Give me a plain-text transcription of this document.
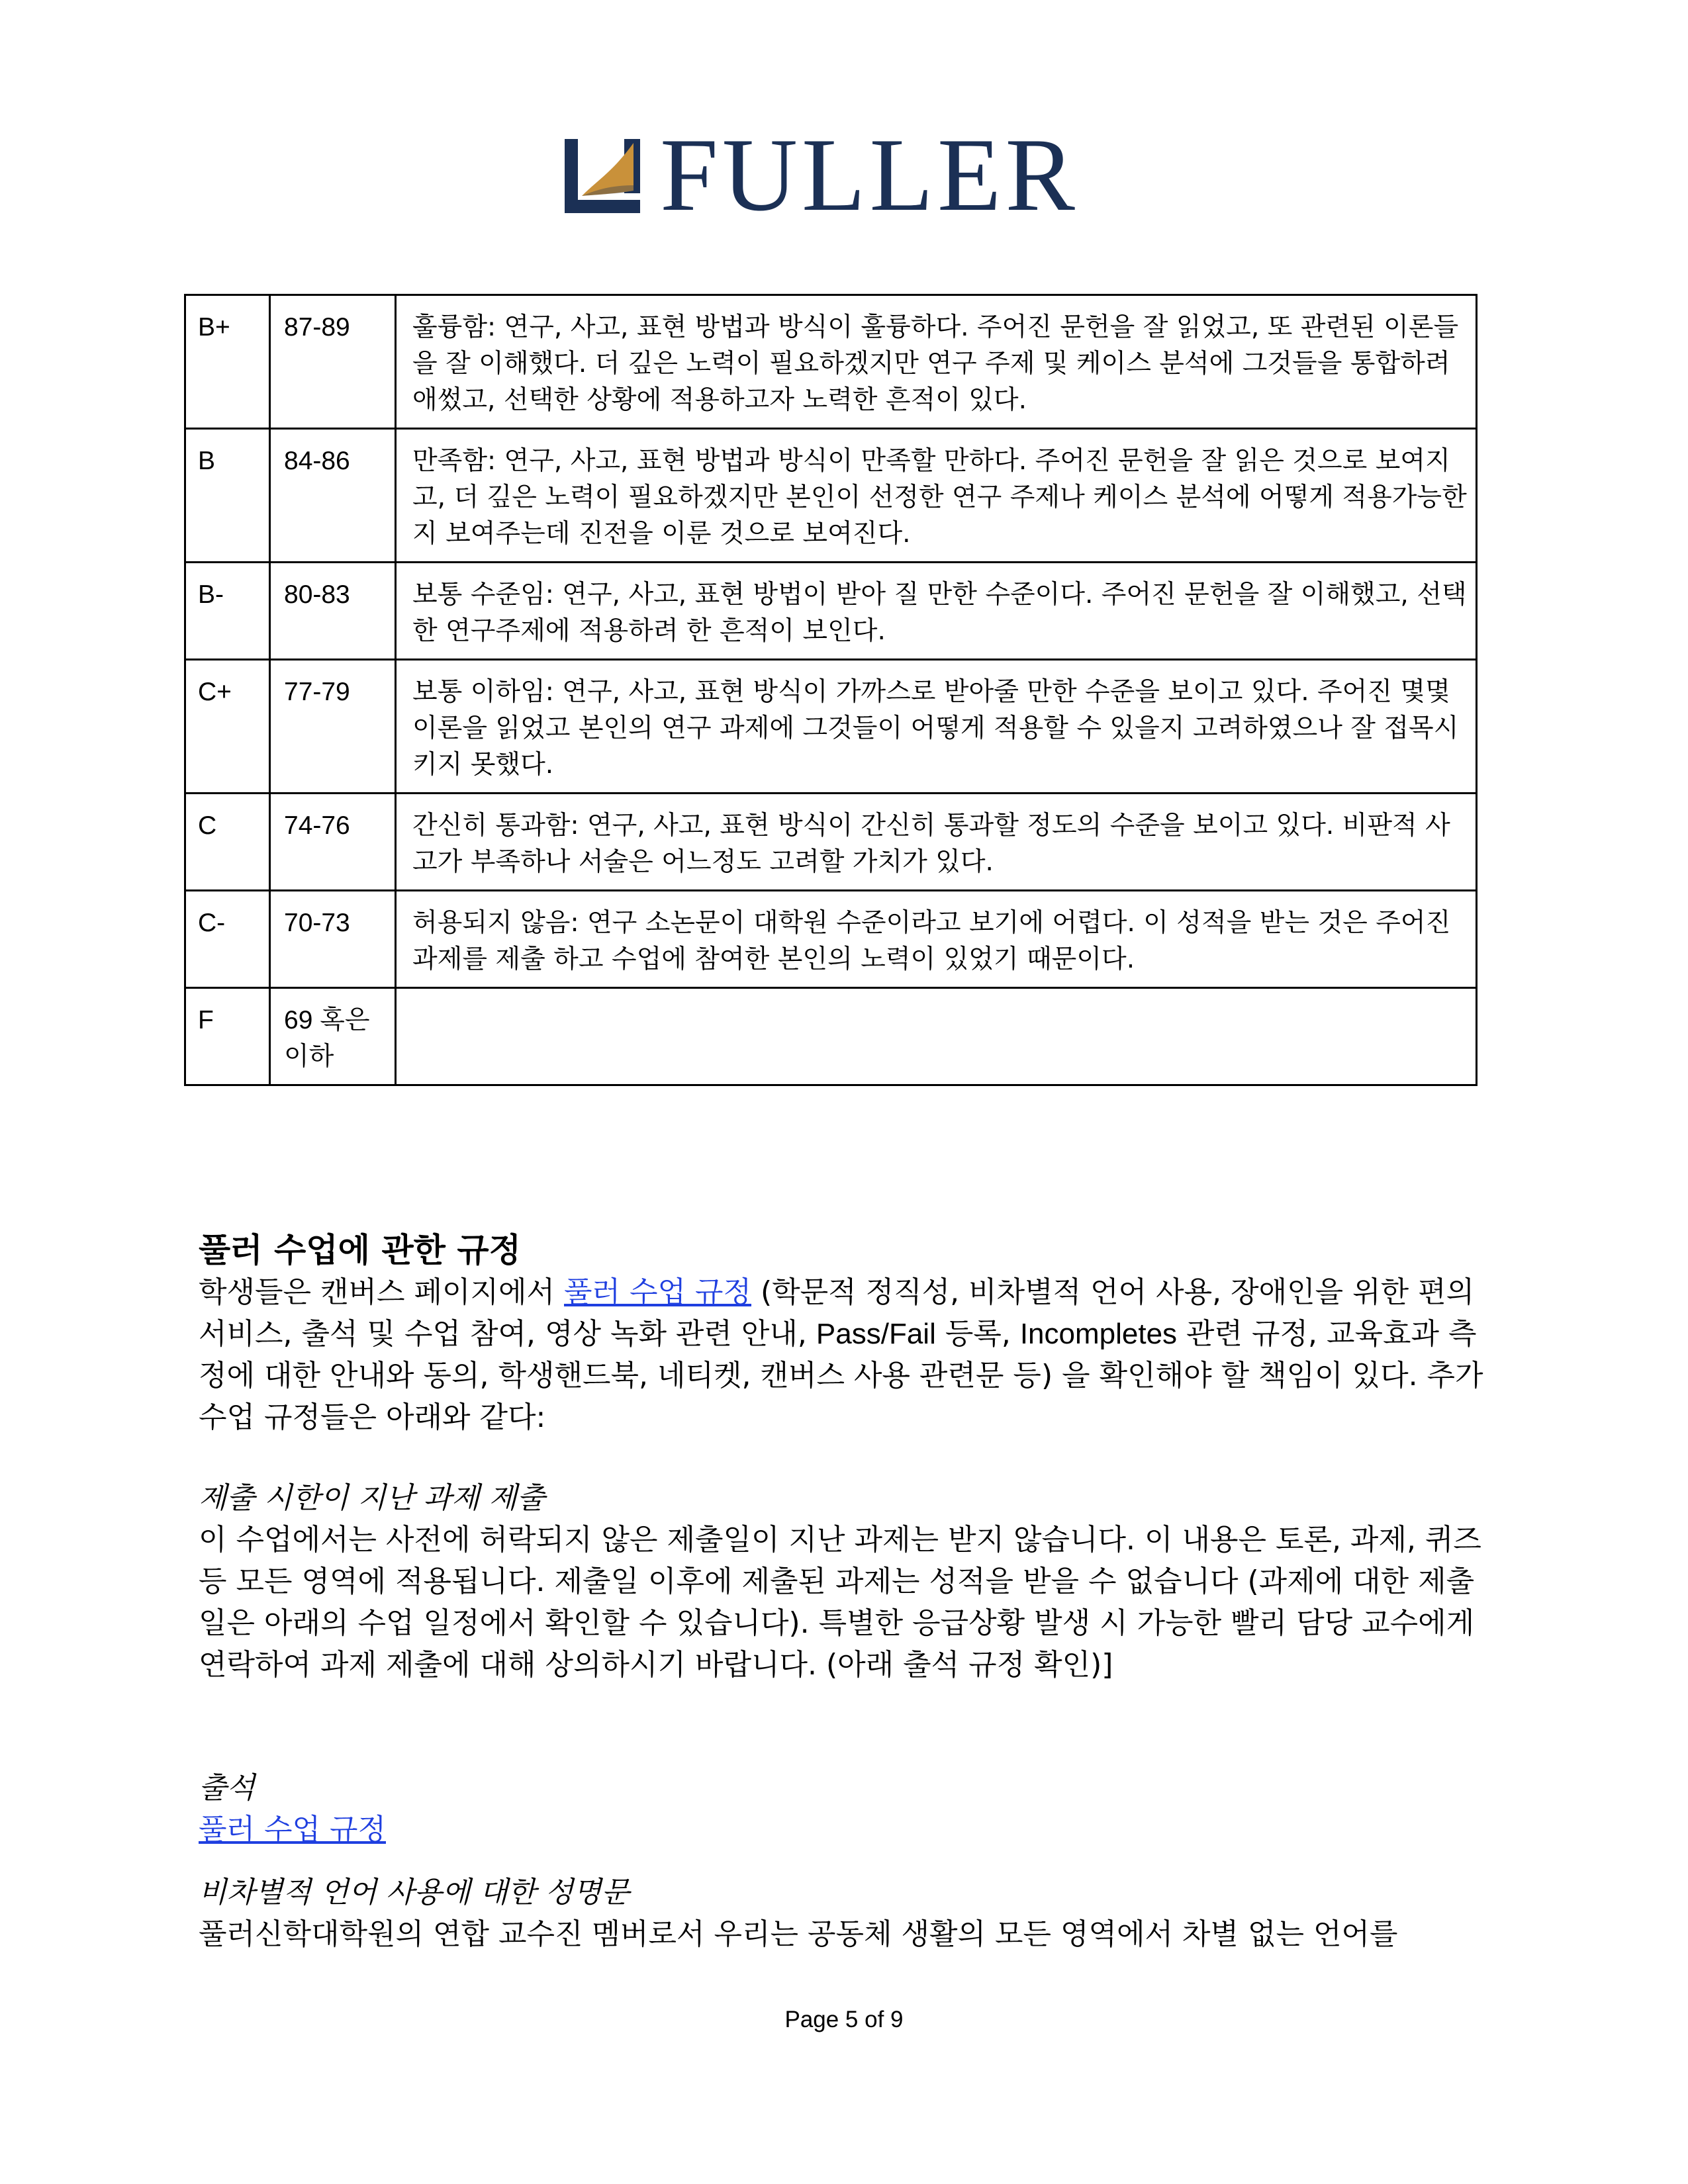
FULLER
B+	87-89	훌륭함: 연구, 사고, 표현 방법과 방식이 훌륭하다. 주어진 문헌을 잘 읽었고, 또 관련된 이론들을 잘 이해했다. 더 깊은 노력이 필요하겠지만 연구 주제 및 케이스 분석에 그것들을 통합하려 애썼고, 선택한 상황에 적용하고자 노력한 흔적이 있다.
B	84-86	만족함: 연구, 사고, 표현 방법과 방식이 만족할 만하다. 주어진 문헌을 잘 읽은 것으로 보여지고, 더 깊은 노력이 필요하겠지만 본인이 선정한 연구 주제나 케이스 분석에 어떻게 적용가능한지 보여주는데 진전을 이룬 것으로 보여진다.
B-	80-83	보통 수준임: 연구, 사고, 표현 방법이 받아 질 만한 수준이다. 주어진 문헌을 잘 이해했고, 선택한 연구주제에 적용하려 한 흔적이 보인다.
C+	77-79	보통 이하임: 연구, 사고, 표현 방식이 가까스로 받아줄 만한 수준을 보이고 있다. 주어진 몇몇 이론을 읽었고 본인의 연구 과제에 그것들이 어떻게 적용할 수 있을지 고려하였으나 잘 접목시키지 못했다.
C	74-76	간신히 통과함: 연구, 사고, 표현 방식이 간신히 통과할 정도의 수준을 보이고 있다. 비판적 사고가 부족하나 서술은 어느정도 고려할 가치가 있다.
C-	70-73	허용되지 않음: 연구 소논문이 대학원 수준이라고 보기에 어렵다. 이 성적을 받는 것은 주어진 과제를 제출 하고 수업에 참여한 본인의 노력이 있었기 때문이다.
F	69 혹은 이하	
풀러 수업에 관한 규정

학생들은 캔버스 페이지에서 풀러 수업 규정 (학문적 정직성, 비차별적 언어 사용, 장애인을 위한 편의 서비스, 출석 및 수업 참여, 영상 녹화 관련 안내, Pass/Fail 등록, Incompletes 관련 규정, 교육효과 측정에 대한 안내와 동의, 학생핸드북, 네티켓, 캔버스 사용 관련문 등) 을 확인해야 할 책임이 있다. 추가 수업 규정들은 아래와 같다:

제출 시한이 지난 과제 제출

이 수업에서는 사전에 허락되지 않은 제출일이 지난 과제는 받지 않습니다. 이 내용은 토론, 과제, 퀴즈 등 모든 영역에 적용됩니다. 제출일 이후에 제출된 과제는 성적을 받을 수 없습니다 (과제에 대한 제출일은 아래의 수업 일정에서 확인할 수 있습니다). 특별한 응급상황 발생 시 가능한 빨리 담당 교수에게 연락하여 과제 제출에 대해 상의하시기 바랍니다. (아래 출석 규정 확인)]

출석

풀러 수업 규정

비차별적 언어 사용에 대한 성명문

풀러신학대학원의 연합 교수진 멤버로서 우리는 공동체 생활의 모든 영역에서 차별 없는 언어를

Page 5 of 9
